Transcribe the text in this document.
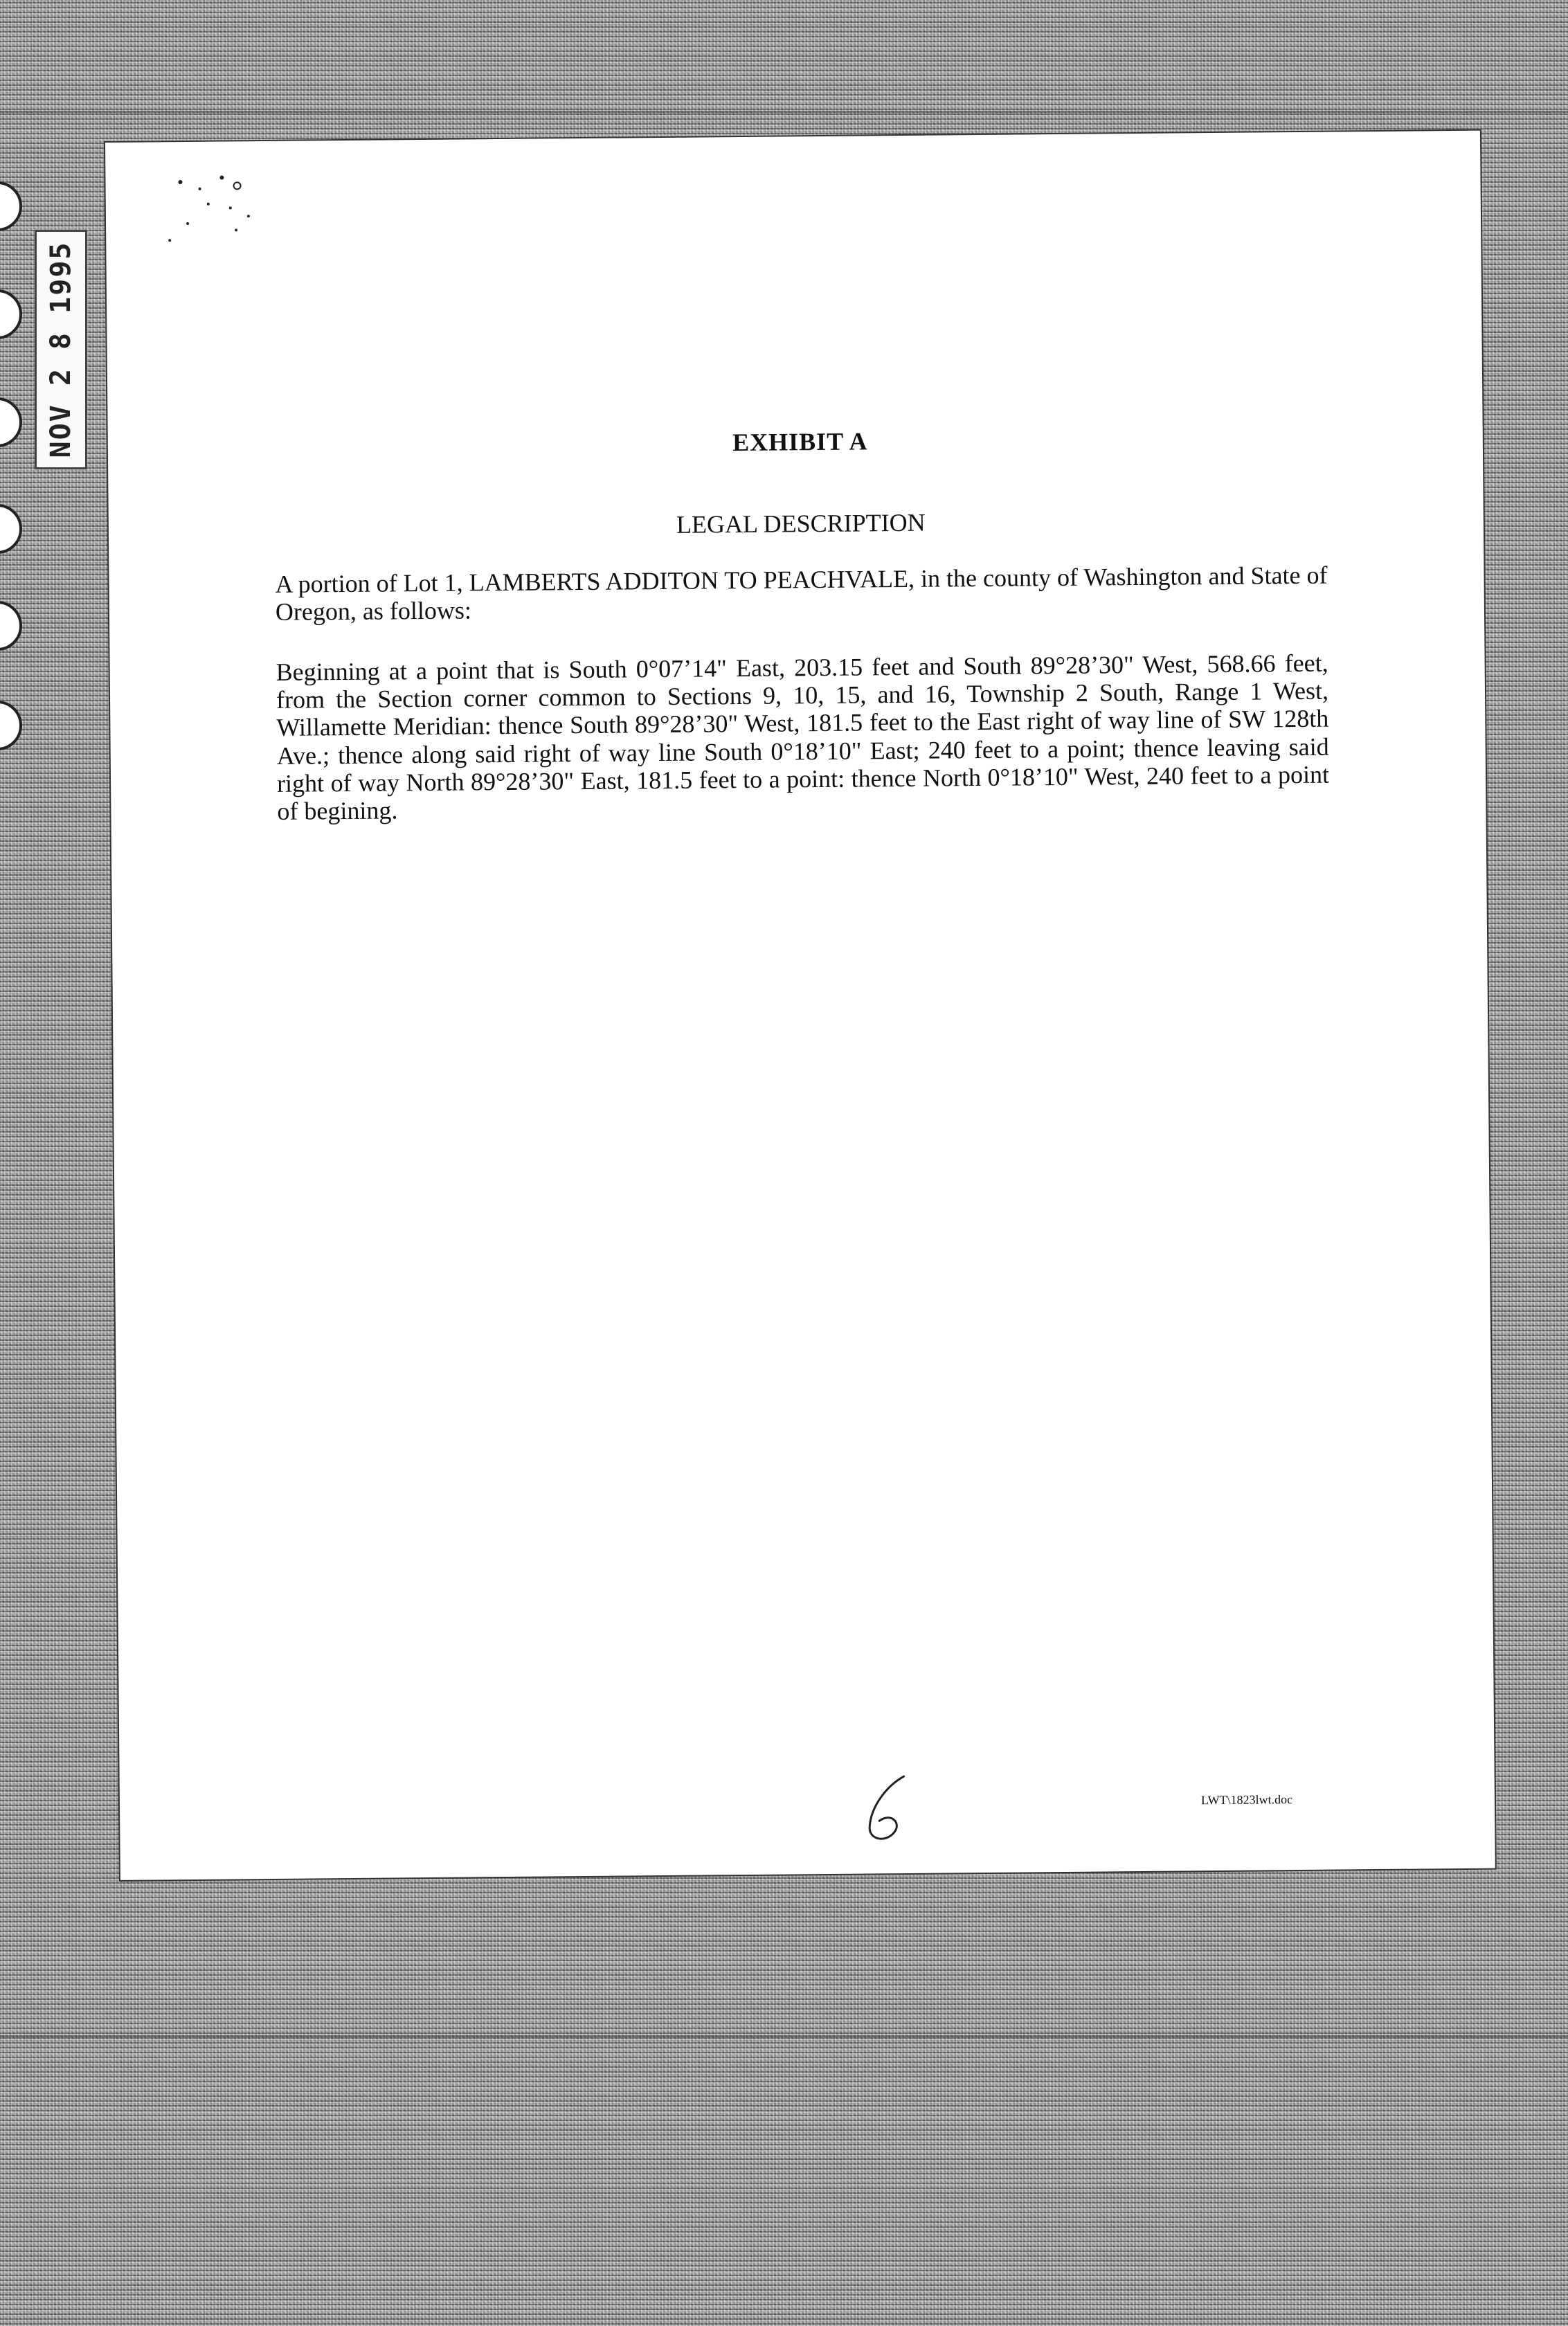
NOV 2 8 1995	EXHIBIT A
LEGAL DESCRIPTION

A portion of Lot 1, LAMBERTS ADDITON TO PEACHVALE, in the county of Washington and State of Oregon, as follows:

Beginning at a point that is South 0°07’14" East, 203.15 feet and South 89°28’30" West, 568.66 feet, from the Section corner common to Sections 9, 10, 15, and 16, Township 2 South, Range 1 West, Willamette Meridian: thence South 89°28’30" West, 181.5 feet to the East right of way line of SW 128th Ave.; thence along said right of way line South 0°18’10" East; 240 feet to a point; thence leaving said right of way North 89°28’30" East, 181.5 feet to a point: thence North 0°18’10" West, 240 feet to a point of begining.

LWT\1823lwt.doc
